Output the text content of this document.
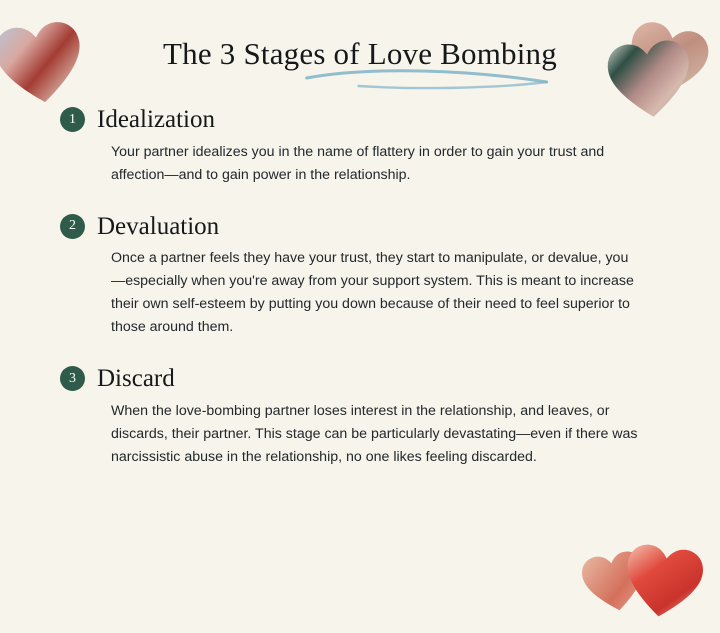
The 3 Stages of Love Bombing
1 Idealization
Your partner idealizes you in the name of flattery in order to gain your trust and affection—and to gain power in the relationship.
2 Devaluation
Once a partner feels they have your trust, they start to manipulate, or devalue, you—especially when you're away from your support system. This is meant to increase their own self-esteem by putting you down because of their need to feel superior to those around them.
3 Discard
When the love-bombing partner loses interest in the relationship, and leaves, or discards, their partner. This stage can be particularly devastating—even if there was narcissistic abuse in the relationship, no one likes feeling discarded.
